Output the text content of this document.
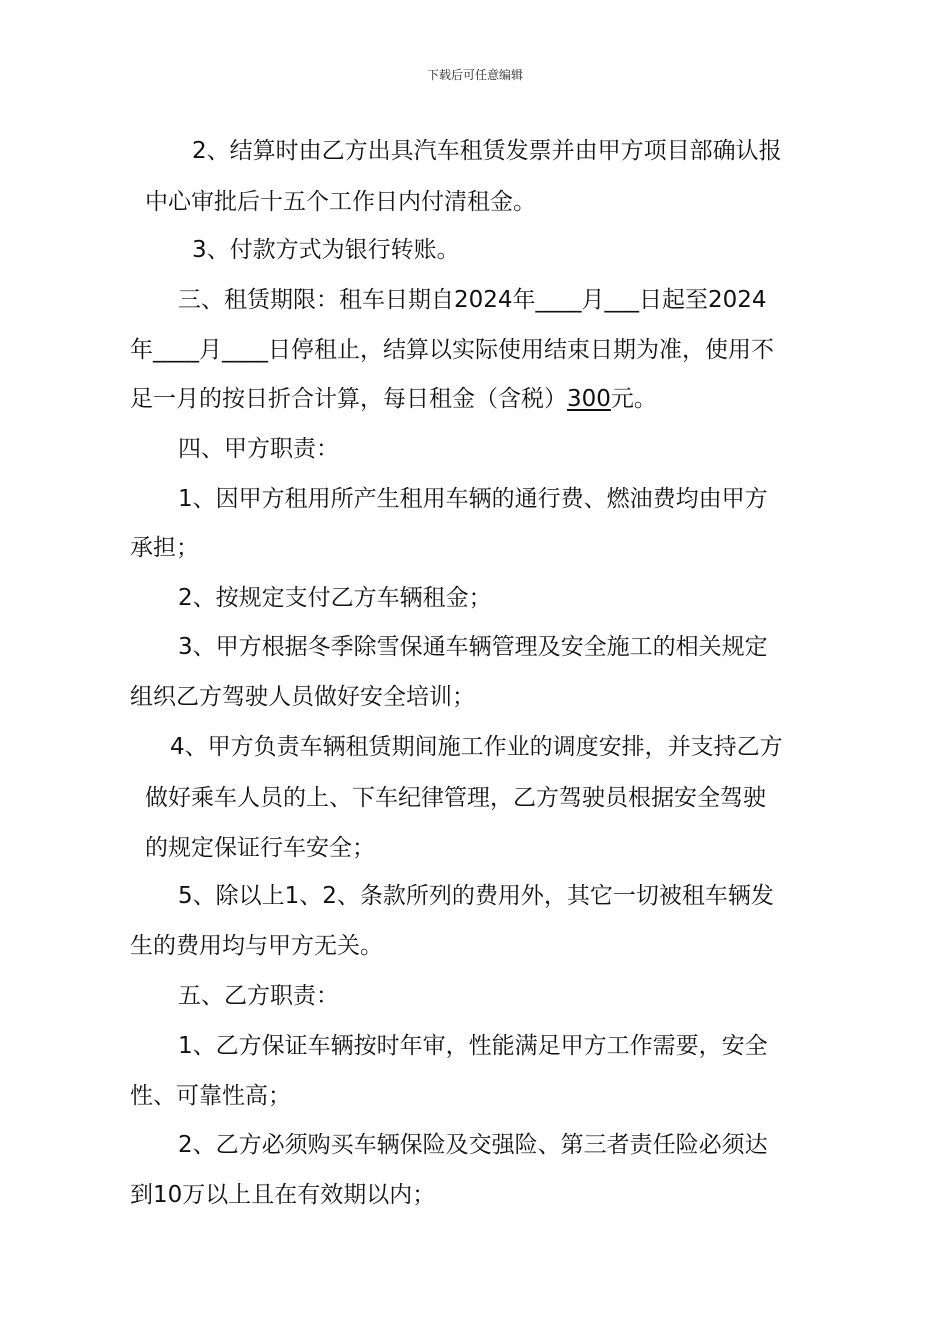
下载后可任意编辑
2、结算时由乙方出具汽车租赁发票并由甲方项目部确认报
中心审批后十五个工作日内付清租金。
3、付款方式为银行转账。
三、租赁期限：租车日期自2024年____月___日起至2024
年____月____日停租止，结算以实际使用结束日期为准，使用不
足一月的按日折合计算，每日租金（含税）300元。
四、甲方职责：
1、因甲方租用所产生租用车辆的通行费、燃油费均由甲方
承担；
2、按规定支付乙方车辆租金；
3、甲方根据冬季除雪保通车辆管理及安全施工的相关规定
组织乙方驾驶人员做好安全培训；
4、甲方负责车辆租赁期间施工作业的调度安排，并支持乙方
做好乘车人员的上、下车纪律管理，乙方驾驶员根据安全驾驶
的规定保证行车安全；
5、除以上1、2、条款所列的费用外，其它一切被租车辆发
生的费用均与甲方无关。
五、乙方职责：
1、乙方保证车辆按时年审，性能满足甲方工作需要，安全
性、可靠性高；
2、乙方必须购买车辆保险及交强险、第三者责任险必须达
到10万以上且在有效期以内；
